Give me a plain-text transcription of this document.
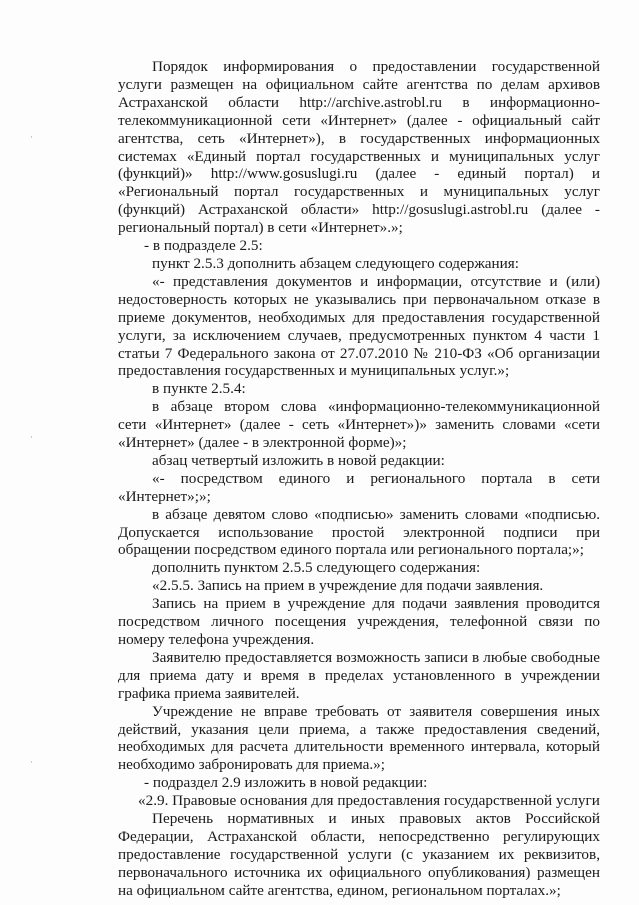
·
·
·

Порядок информирования о предоставлении государственной услуги размещен на официальном сайте агентства по делам архивов Астраханской области http://archive.astrobl.ru в информационно-телекоммуникационной сети «Интернет» (далее - официальный сайт агентства, сеть «Интернет»), в государственных информационных системах «Единый портал государственных и муниципальных услуг (функций)» http://www.gosuslugi.ru (далее - единый портал) и «Региональный портал государственных и муниципальных услуг (функций) Астраханской области» http://gosuslugi.astrobl.ru (далее - региональный портал) в сети «Интернет».»;

- в подразделе 2.5:

пункт 2.5.3 дополнить абзацем следующего содержания:

«- представления документов и информации, отсутствие и (или) недостоверность которых не указывались при первоначальном отказе в приеме документов, необходимых для предоставления государственной услуги, за исключением случаев, предусмотренных пунктом 4 части 1 статьи 7 Федерального закона от 27.07.2010 № 210-ФЗ «Об организации предоставления государственных и муниципальных услуг.»;

в пункте 2.5.4:

в абзаце втором слова «информационно-телекоммуникационной сети «Интернет» (далее - сеть «Интернет»)» заменить словами «сети «Интернет» (далее - в электронной форме)»;

абзац четвертый изложить в новой редакции:

«- посредством единого и регионального портала в сети «Интернет»;»;

в абзаце девятом слово «подписью» заменить словами «подписью. Допускается использование простой электронной подписи при обращении посредством единого портала или регионального портала;»;

дополнить пунктом 2.5.5 следующего содержания:

«2.5.5. Запись на прием в учреждение для подачи заявления.

Запись на прием в учреждение для подачи заявления проводится посредством личного посещения учреждения, телефонной связи по номеру телефона учреждения.

Заявителю предоставляется возможность записи в любые свободные для приема дату и время в пределах установленного в учреждении графика приема заявителей.

Учреждение не вправе требовать от заявителя совершения иных действий, указания цели приема, а также предоставления сведений, необходимых для расчета длительности временного интервала, который необходимо забронировать для приема.»;

- подраздел 2.9 изложить в новой редакции:

«2.9. Правовые основания для предоставления государственной услуги

Перечень нормативных и иных правовых актов Российской Федерации, Астраханской области, непосредственно регулирующих предоставление государственной услуги (с указанием их реквизитов, первоначального источника их официального опубликования) размещен на официальном сайте агентства, едином, региональном порталах.»;
